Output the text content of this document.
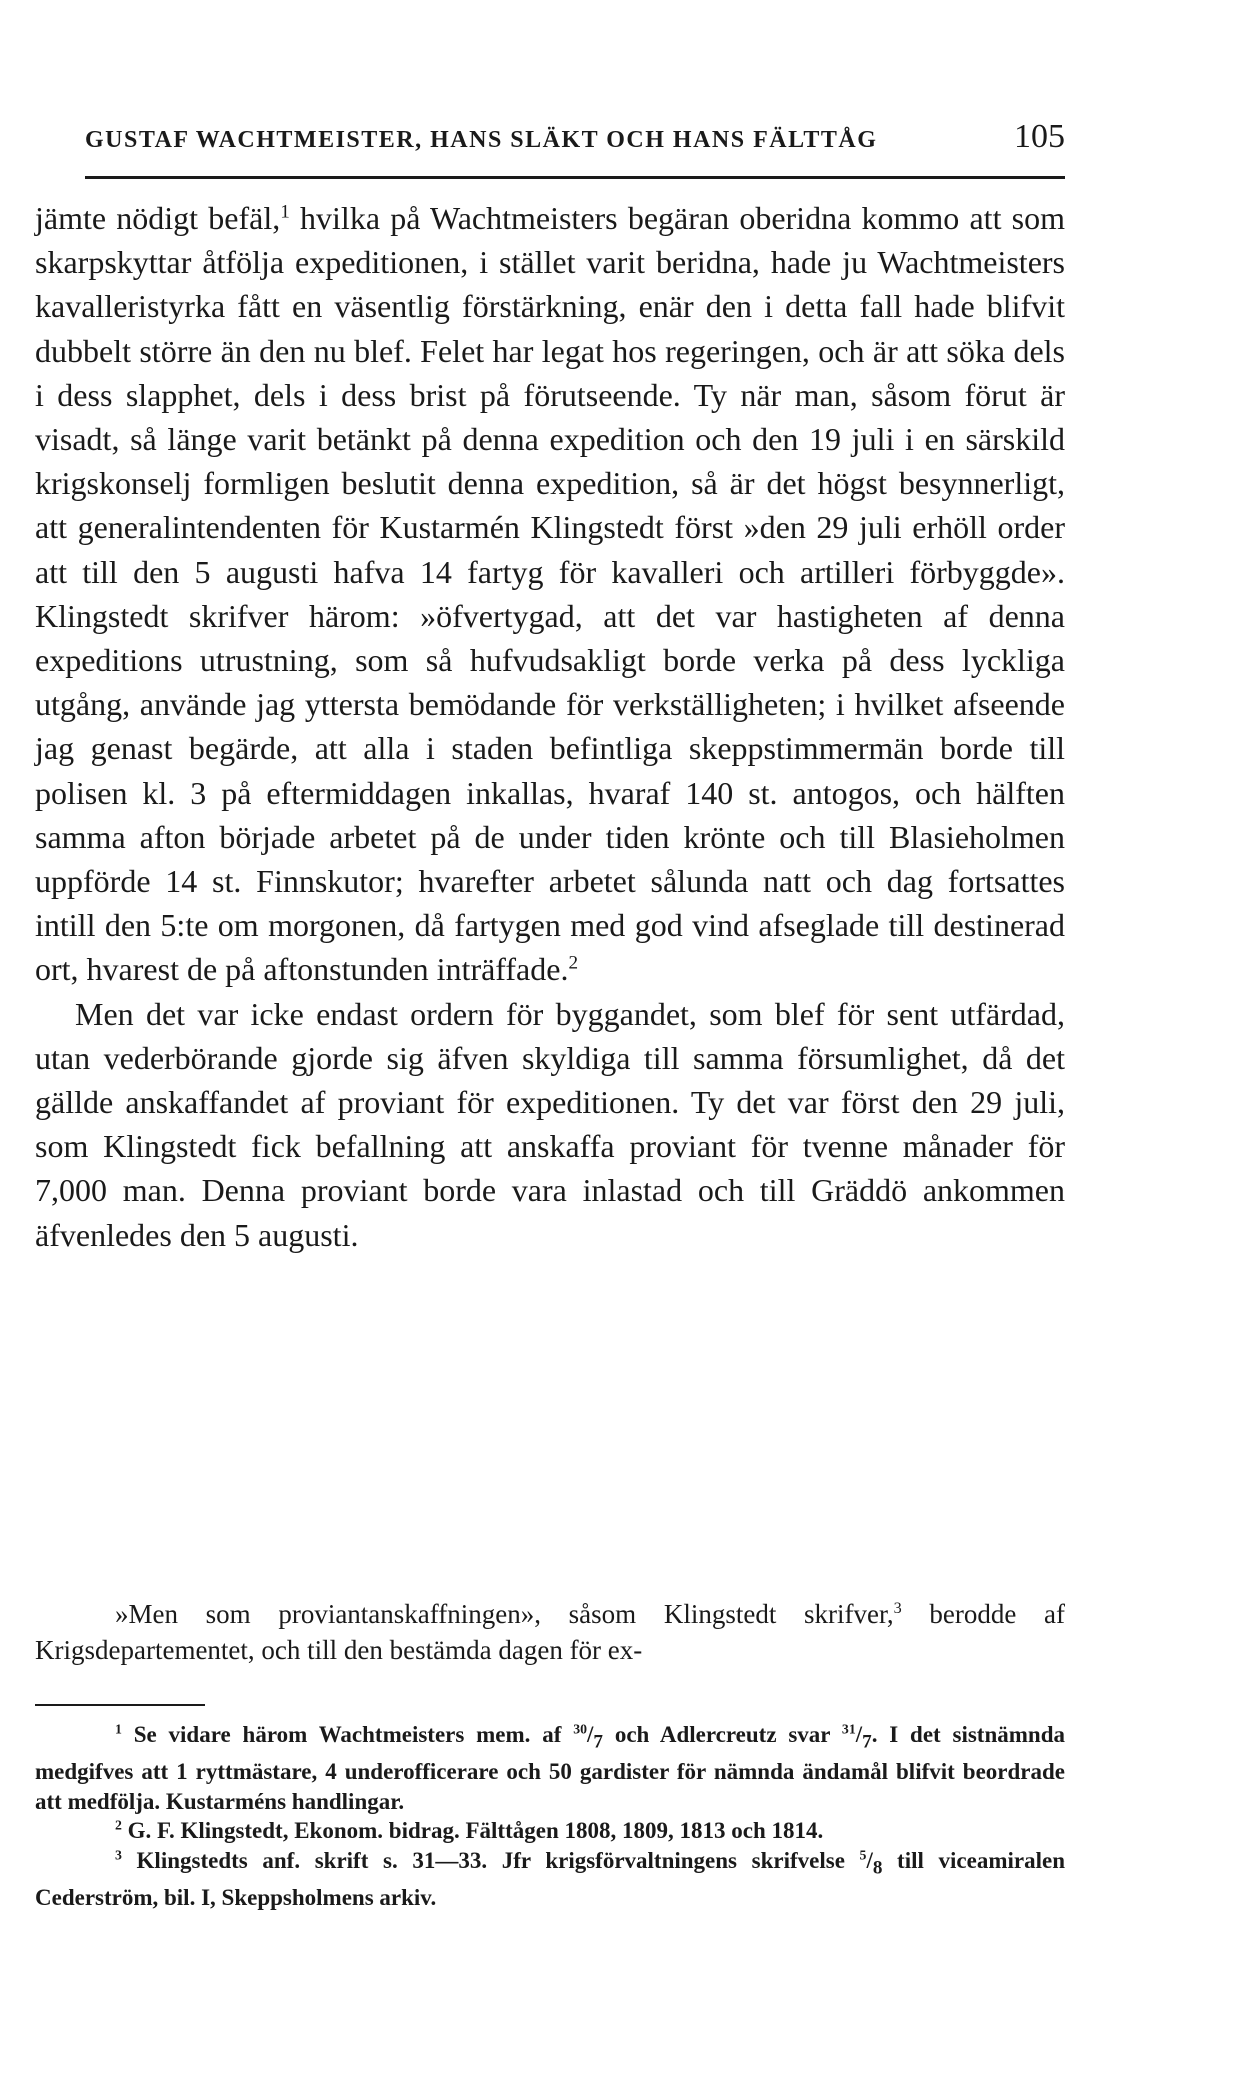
GUSTAF WACHTMEISTER, HANS SLÄKT OCH HANS FÄLTTÅG	105

jämte nödigt befäl,$^1$ hvilka på Wachtmeisters begäran oberidna kommo att som skarpskyttar åtfölja expeditionen, i stället varit beridna, hade ju Wachtmeisters kavalleristyrka fått en väsentlig förstärkning, enär den i detta fall hade blifvit dubbelt större än den nu blef. Felet har legat hos regeringen, och är att söka dels i dess slapphet, dels i dess brist på förutseende. Ty när man, såsom förut är visadt, så länge varit betänkt på denna expedition och den 19 juli i en särskild krigskonselj formligen beslutit denna expedition, så är det högst besynnerligt, att generalintendenten för Kustarmén Klingstedt först »den 29 juli erhöll order att till den 5 augusti hafva 14 fartyg för kavalleri och artilleri förbyggde». Klingstedt skrifver härom: »öfvertygad, att det var hastigheten af denna expeditions utrustning, som så hufvudsakligt borde verka på dess lyckliga utgång, använde jag yttersta bemödande för verkställigheten; i hvilket afseende jag genast begärde, att alla i staden befintliga skeppstimmermän borde till polisen kl. 3 på eftermiddagen inkallas, hvaraf 140 st. antogos, och hälften samma afton började arbetet på de under tiden krönte och till Blasieholmen uppförde 14 st. Finnskutor; hvarefter arbetet sålunda natt och dag fortsattes intill den 5:te om morgonen, då fartygen med god vind afseglade till destinerad ort, hvarest de på aftonstunden inträffade.$^2$

Men det var icke endast ordern för byggandet, som blef för sent utfärdad, utan vederbörande gjorde sig äfven skyldiga till samma försumlighet, då det gällde anskaffandet af proviant för expeditionen. Ty det var först den 29 juli, som Klingstedt fick befallning att anskaffa proviant för tvenne månader för 7,000 man. Denna proviant borde vara inlastad och till Gräddö ankommen äfvenledes den 5 augusti.

»Men som proviantanskaffningen», såsom Klingstedt skrifver,$^3$ berodde af Krigsdepartementet, och till den bestämda dagen för ex-

$^1$ Se vidare härom Wachtmeisters mem. af $^{30}/_7$ och Adlercreutz svar $^{31}/_7$. I det sistnämnda medgifves att 1 ryttmästare, 4 underofficerare och 50 gardister för nämnda ändamål blifvit beordrade att medfölja. Kustarméns handlingar.

$^2$ G. F. Klingstedt, Ekonom. bidrag. Fälttågen 1808, 1809, 1813 och 1814.

$^3$ Klingstedts anf. skrift s. 31—33. Jfr krigsförvaltningens skrifvelse $^5/_8$ till viceamiralen Cederström, bil. I, Skeppsholmens arkiv.
